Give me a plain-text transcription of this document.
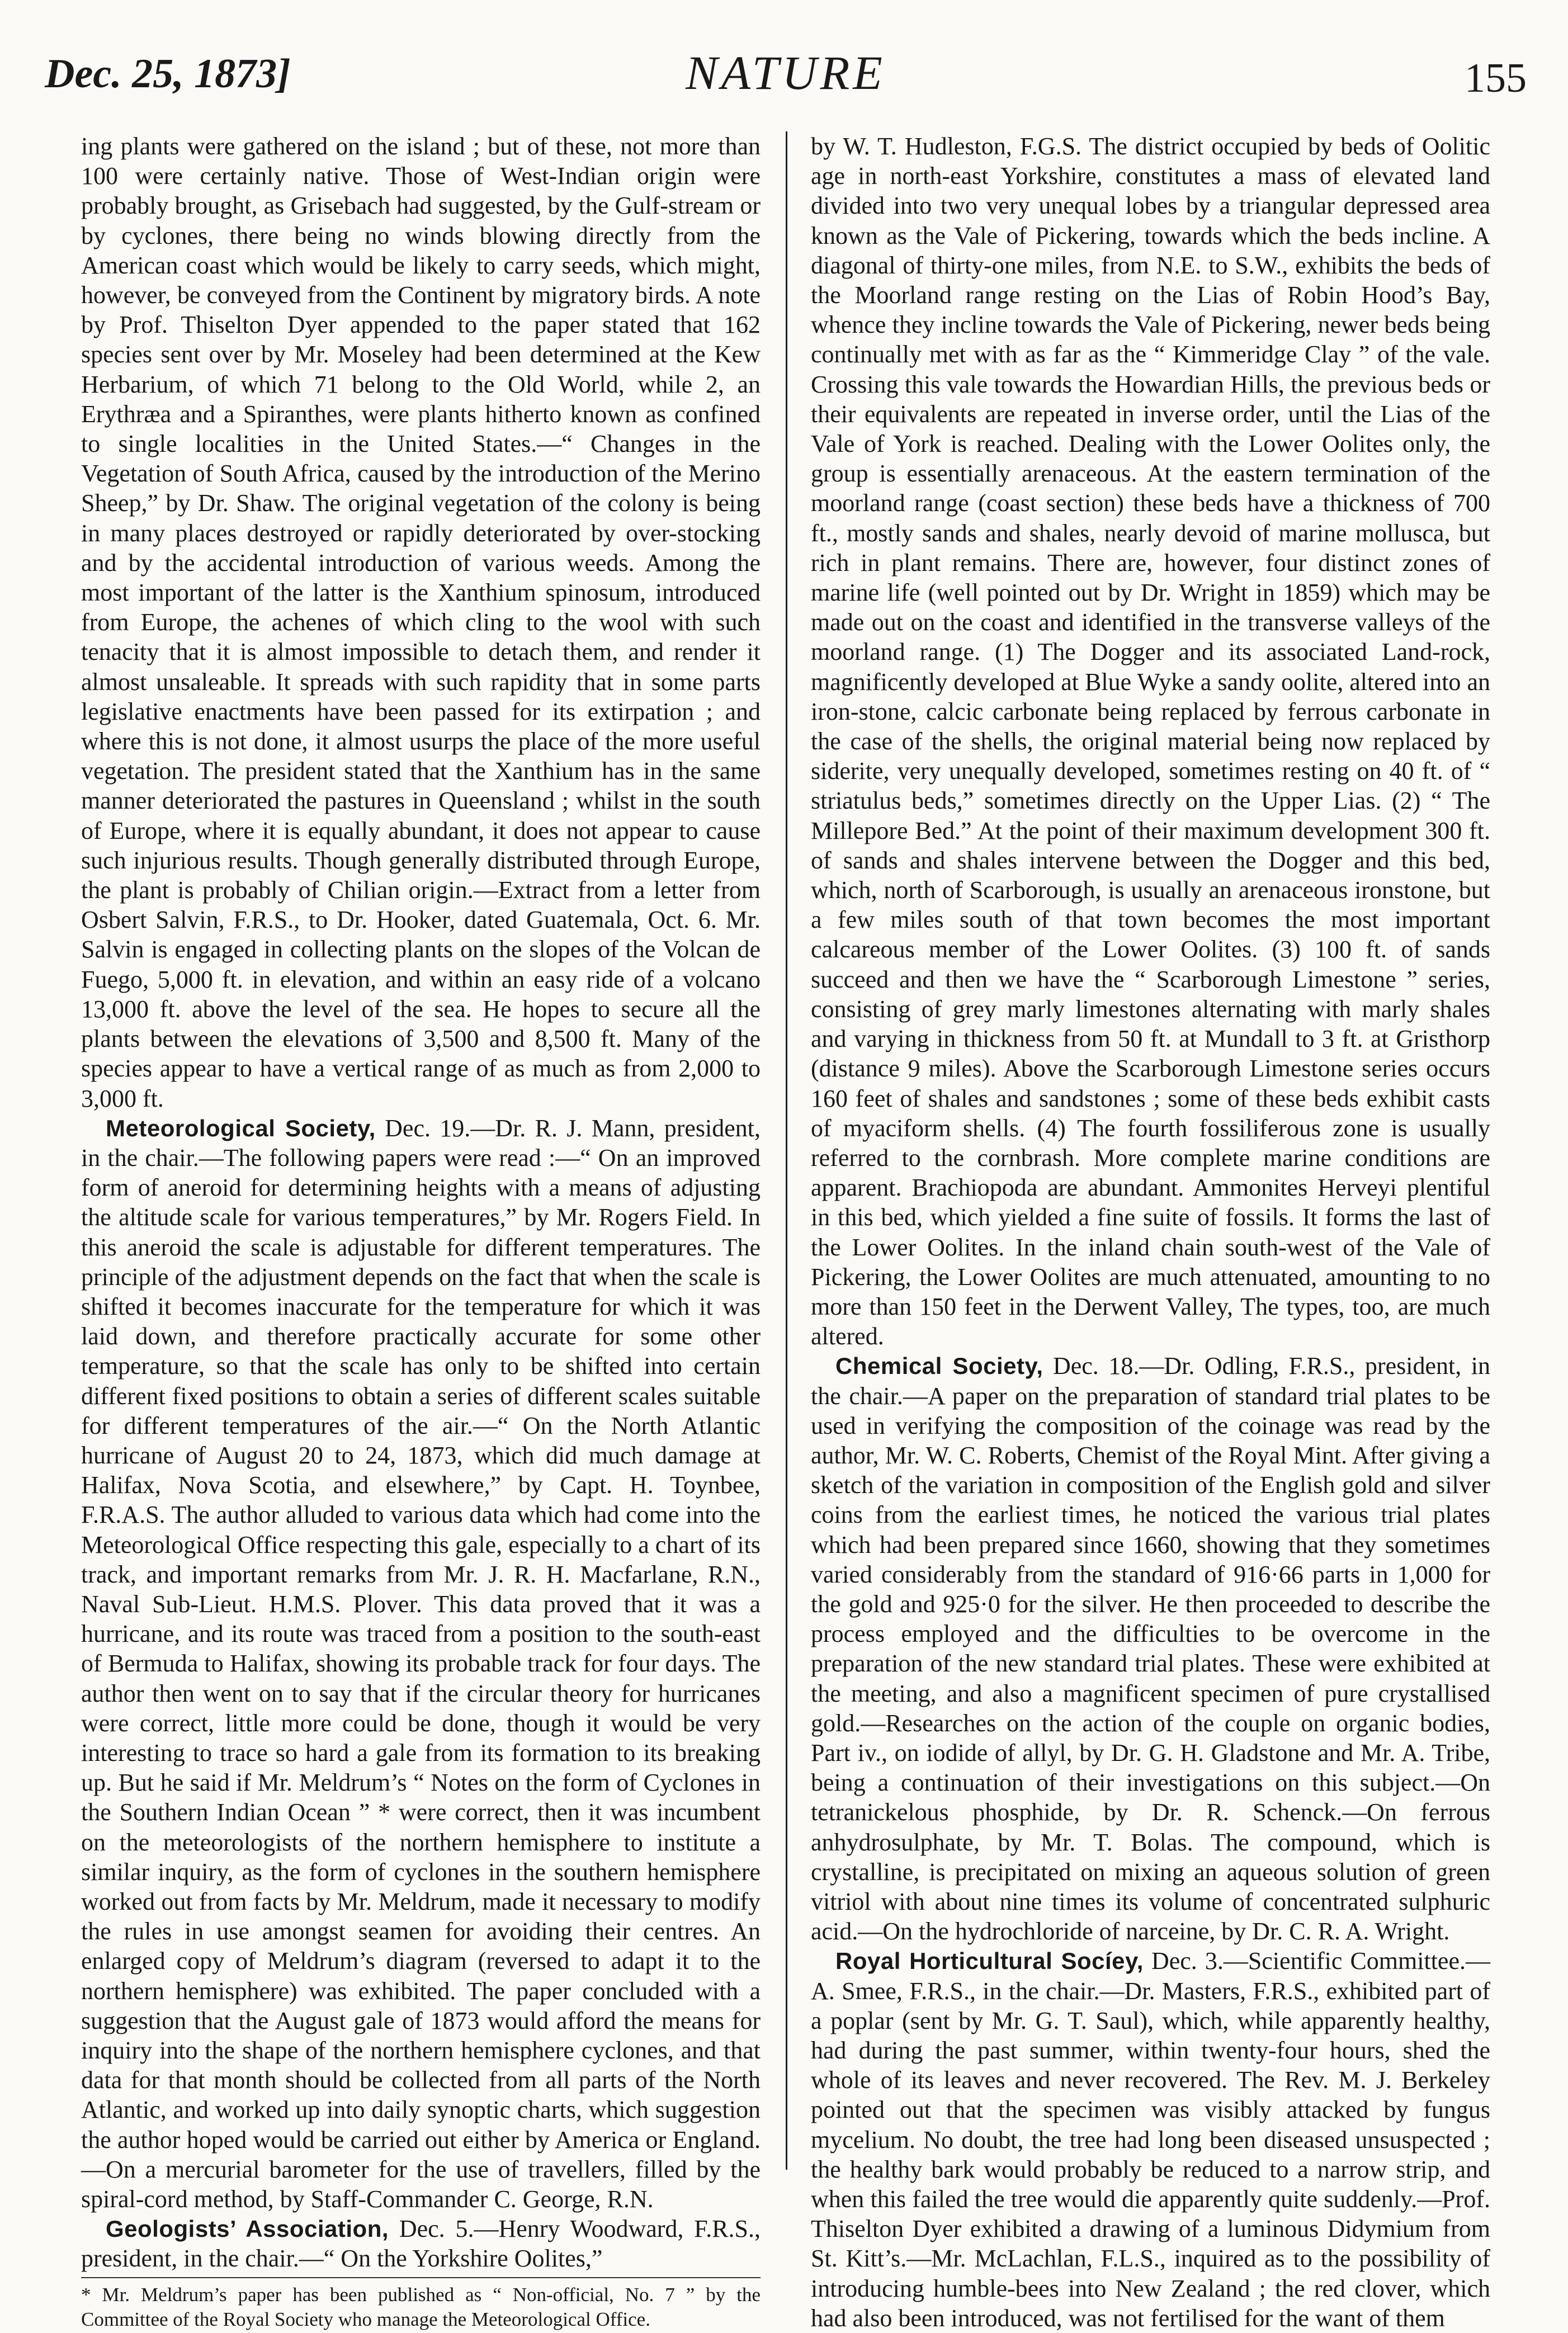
Dec. 25, 1873]	NATURE	155

ing plants were gathered on the island ; but of these, not more than 100 were certainly native. Those of West-Indian origin were probably brought, as Grisebach had suggested, by the Gulf-stream or by cyclones, there being no winds blowing directly from the American coast which would be likely to carry seeds, which might, however, be conveyed from the Continent by migratory birds. A note by Prof. Thiselton Dyer appended to the paper stated that 162 species sent over by Mr. Moseley had been determined at the Kew Herbarium, of which 71 belong to the Old World, while 2, an Erythræa and a Spiranthes, were plants hitherto known as confined to single localities in the United States.—“ Changes in the Vegetation of South Africa, caused by the introduction of the Merino Sheep,” by Dr. Shaw. The original vegetation of the colony is being in many places destroyed or rapidly deteriorated by over-stocking and by the accidental introduction of various weeds. Among the most important of the latter is the Xanthium spinosum, introduced from Europe, the achenes of which cling to the wool with such tenacity that it is almost impossible to detach them, and render it almost unsaleable. It spreads with such rapidity that in some parts legislative enactments have been passed for its extirpation ; and where this is not done, it almost usurps the place of the more useful vegetation. The president stated that the Xanthium has in the same manner deteriorated the pastures in Queensland ; whilst in the south of Europe, where it is equally abundant, it does not appear to cause such injurious results. Though generally distributed through Europe, the plant is probably of Chilian origin.—Extract from a letter from Osbert Salvin, F.R.S., to Dr. Hooker, dated Guatemala, Oct. 6. Mr. Salvin is engaged in collecting plants on the slopes of the Volcan de Fuego, 5,000 ft. in elevation, and within an easy ride of a volcano 13,000 ft. above the level of the sea. He hopes to secure all the plants between the elevations of 3,500 and 8,500 ft. Many of the species appear to have a vertical range of as much as from 2,000 to 3,000 ft.

Meteorological Society, Dec. 19.—Dr. R. J. Mann, president, in the chair.—The following papers were read :—“ On an improved form of aneroid for determining heights with a means of adjusting the altitude scale for various temperatures,” by Mr. Rogers Field. In this aneroid the scale is adjustable for different temperatures. The principle of the adjustment depends on the fact that when the scale is shifted it becomes inaccurate for the temperature for which it was laid down, and therefore practically accurate for some other temperature, so that the scale has only to be shifted into certain different fixed positions to obtain a series of different scales suitable for different temperatures of the air.—“ On the North Atlantic hurricane of August 20 to 24, 1873, which did much damage at Halifax, Nova Scotia, and elsewhere,” by Capt. H. Toynbee, F.R.A.S. The author alluded to various data which had come into the Meteorological Office respecting this gale, especially to a chart of its track, and important remarks from Mr. J. R. H. Macfarlane, R.N., Naval Sub-Lieut. H.M.S. Plover. This data proved that it was a hurricane, and its route was traced from a position to the south-east of Bermuda to Halifax, showing its probable track for four days. The author then went on to say that if the circular theory for hurricanes were correct, little more could be done, though it would be very interesting to trace so hard a gale from its formation to its breaking up. But he said if Mr. Meldrum’s “ Notes on the form of Cyclones in the Southern Indian Ocean ” * were correct, then it was incumbent on the meteorologists of the northern hemisphere to institute a similar inquiry, as the form of cyclones in the southern hemisphere worked out from facts by Mr. Meldrum, made it necessary to modify the rules in use amongst seamen for avoiding their centres. An enlarged copy of Meldrum’s diagram (reversed to adapt it to the northern hemisphere) was exhibited. The paper concluded with a suggestion that the August gale of 1873 would afford the means for inquiry into the shape of the northern hemisphere cyclones, and that data for that month should be collected from all parts of the North Atlantic, and worked up into daily synoptic charts, which suggestion the author hoped would be carried out either by America or England.—On a mercurial barometer for the use of travellers, filled by the spiral-cord method, by Staff-Commander C. George, R.N.

Geologists’ Association, Dec. 5.—Henry Woodward, F.R.S., president, in the chair.—“ On the Yorkshire Oolites,”

* Mr. Meldrum’s paper has been published as “ Non-official, No. 7 ” by the Committee of the Royal Society who manage the Meteorological Office.

by W. T. Hudleston, F.G.S. The district occupied by beds of Oolitic age in north-east Yorkshire, constitutes a mass of elevated land divided into two very unequal lobes by a triangular depressed area known as the Vale of Pickering, towards which the beds incline. A diagonal of thirty-one miles, from N.E. to S.W., exhibits the beds of the Moorland range resting on the Lias of Robin Hood’s Bay, whence they incline towards the Vale of Pickering, newer beds being continually met with as far as the “ Kimmeridge Clay ” of the vale. Crossing this vale towards the Howardian Hills, the previous beds or their equivalents are repeated in inverse order, until the Lias of the Vale of York is reached. Dealing with the Lower Oolites only, the group is essentially arenaceous. At the eastern termination of the moorland range (coast section) these beds have a thickness of 700 ft., mostly sands and shales, nearly devoid of marine mollusca, but rich in plant remains. There are, however, four distinct zones of marine life (well pointed out by Dr. Wright in 1859) which may be made out on the coast and identified in the transverse valleys of the moorland range. (1) The Dogger and its associated Land-rock, magnificently developed at Blue Wyke a sandy oolite, altered into an iron-stone, calcic carbonate being replaced by ferrous carbonate in the case of the shells, the original material being now replaced by siderite, very unequally developed, sometimes resting on 40 ft. of “ striatulus beds,” sometimes directly on the Upper Lias. (2) “ The Millepore Bed.” At the point of their maximum development 300 ft. of sands and shales intervene between the Dogger and this bed, which, north of Scarborough, is usually an arenaceous ironstone, but a few miles south of that town becomes the most important calcareous member of the Lower Oolites. (3) 100 ft. of sands succeed and then we have the “ Scarborough Limestone ” series, consisting of grey marly limestones alternating with marly shales and varying in thickness from 50 ft. at Mundall to 3 ft. at Gristhorp (distance 9 miles). Above the Scarborough Limestone series occurs 160 feet of shales and sandstones ; some of these beds exhibit casts of myaciform shells. (4) The fourth fossiliferous zone is usually referred to the cornbrash. More complete marine conditions are apparent. Brachiopoda are abundant. Ammonites Herveyi plentiful in this bed, which yielded a fine suite of fossils. It forms the last of the Lower Oolites. In the inland chain south-west of the Vale of Pickering, the Lower Oolites are much attenuated, amounting to no more than 150 feet in the Derwent Valley, The types, too, are much altered.

Chemical Society, Dec. 18.—Dr. Odling, F.R.S., president, in the chair.—A paper on the preparation of standard trial plates to be used in verifying the composition of the coinage was read by the author, Mr. W. C. Roberts, Chemist of the Royal Mint. After giving a sketch of the variation in composition of the English gold and silver coins from the earliest times, he noticed the various trial plates which had been prepared since 1660, showing that they sometimes varied considerably from the standard of 916·66 parts in 1,000 for the gold and 925·0 for the silver. He then proceeded to describe the process employed and the difficulties to be overcome in the preparation of the new standard trial plates. These were exhibited at the meeting, and also a magnificent specimen of pure crystallised gold.—Researches on the action of the couple on organic bodies, Part iv., on iodide of allyl, by Dr. G. H. Gladstone and Mr. A. Tribe, being a continuation of their investigations on this subject.—On tetranickelous phosphide, by Dr. R. Schenck.—On ferrous anhydrosulphate, by Mr. T. Bolas. The compound, which is crystalline, is precipitated on mixing an aqueous solution of green vitriol with about nine times its volume of concentrated sulphuric acid.—On the hydrochloride of narceine, by Dr. C. R. A. Wright.

Royal Horticultural Socíey, Dec. 3.—Scientific Committee.—A. Smee, F.R.S., in the chair.—Dr. Masters, F.R.S., exhibited part of a poplar (sent by Mr. G. T. Saul), which, while apparently healthy, had during the past summer, within twenty-four hours, shed the whole of its leaves and never recovered. The Rev. M. J. Berkeley pointed out that the specimen was visibly attacked by fungus mycelium. No doubt, the tree had long been diseased unsuspected ; the healthy bark would probably be reduced to a narrow strip, and when this failed the tree would die apparently quite suddenly.—Prof. Thiselton Dyer exhibited a drawing of a luminous Didymium from St. Kitt’s.—Mr. McLachlan, F.L.S., inquired as to the possibility of introducing humble-bees into New Zealand ; the red clover, which had also been introduced, was not fertilised for the want of them
